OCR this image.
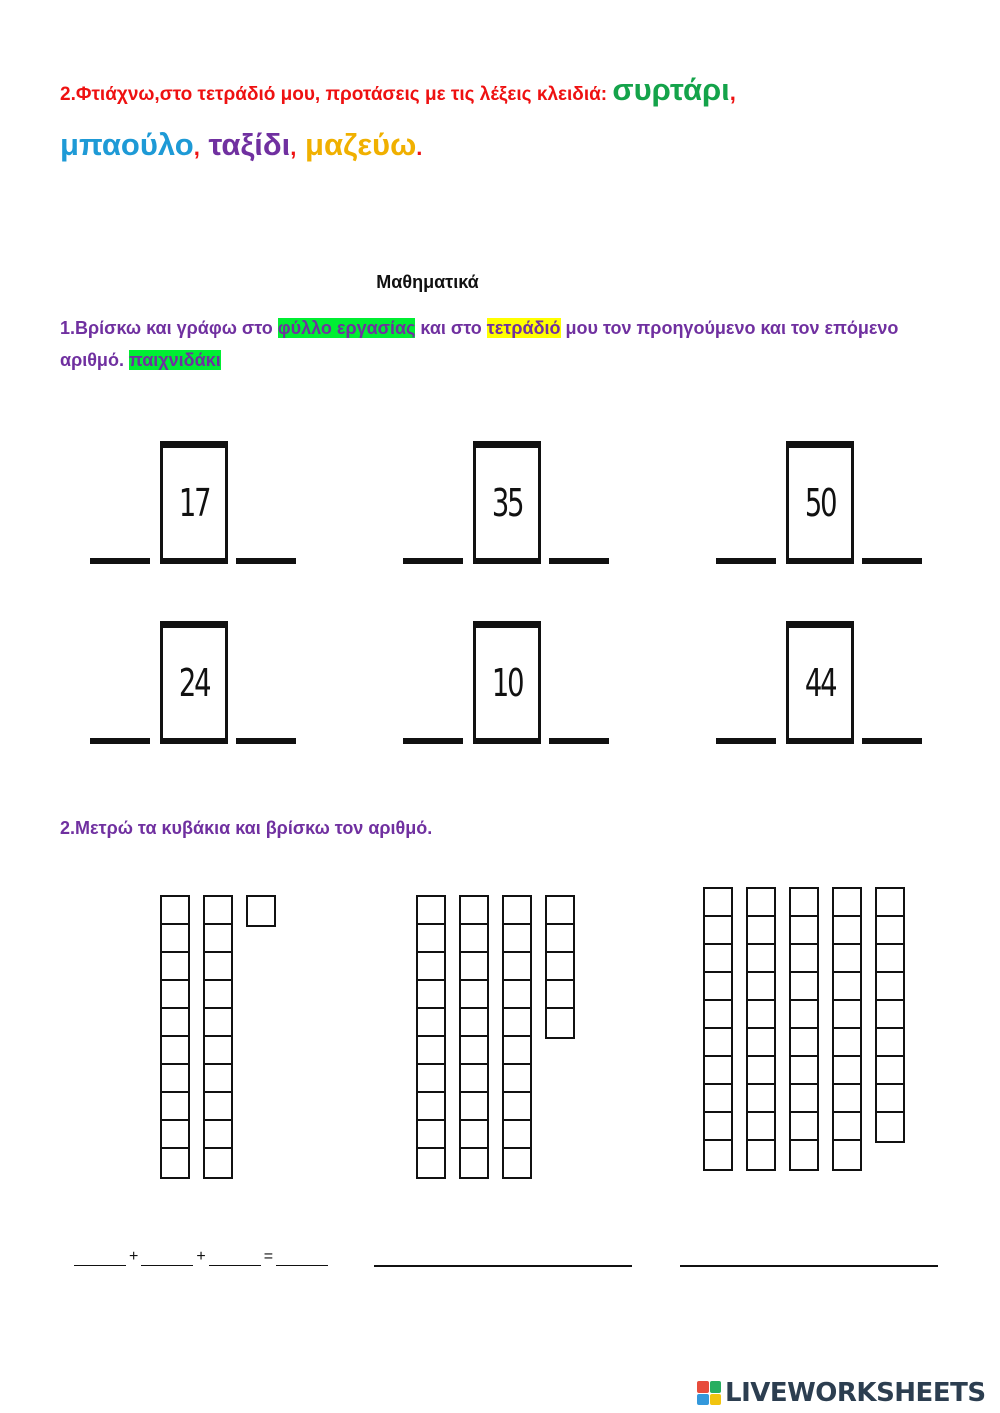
2.Φτιάχνω,στο τετράδιό μου, προτάσεις με τις λέξεις κλειδιά: συρτάρι,
μπαούλο, ταξίδι, μαζεύω.
Μαθηματικά
1.Βρίσκω και γράφω στο φύλλο εργασίας και στο τετράδιό μου τον προηγούμενο και τον επόμενο αριθμό. παιχνιδάκι
17	35	50
24	10	44
2.Μετρώ τα κυβάκια και βρίσκω τον αριθμό.
+	+	=
LIVEWORKSHEETS
